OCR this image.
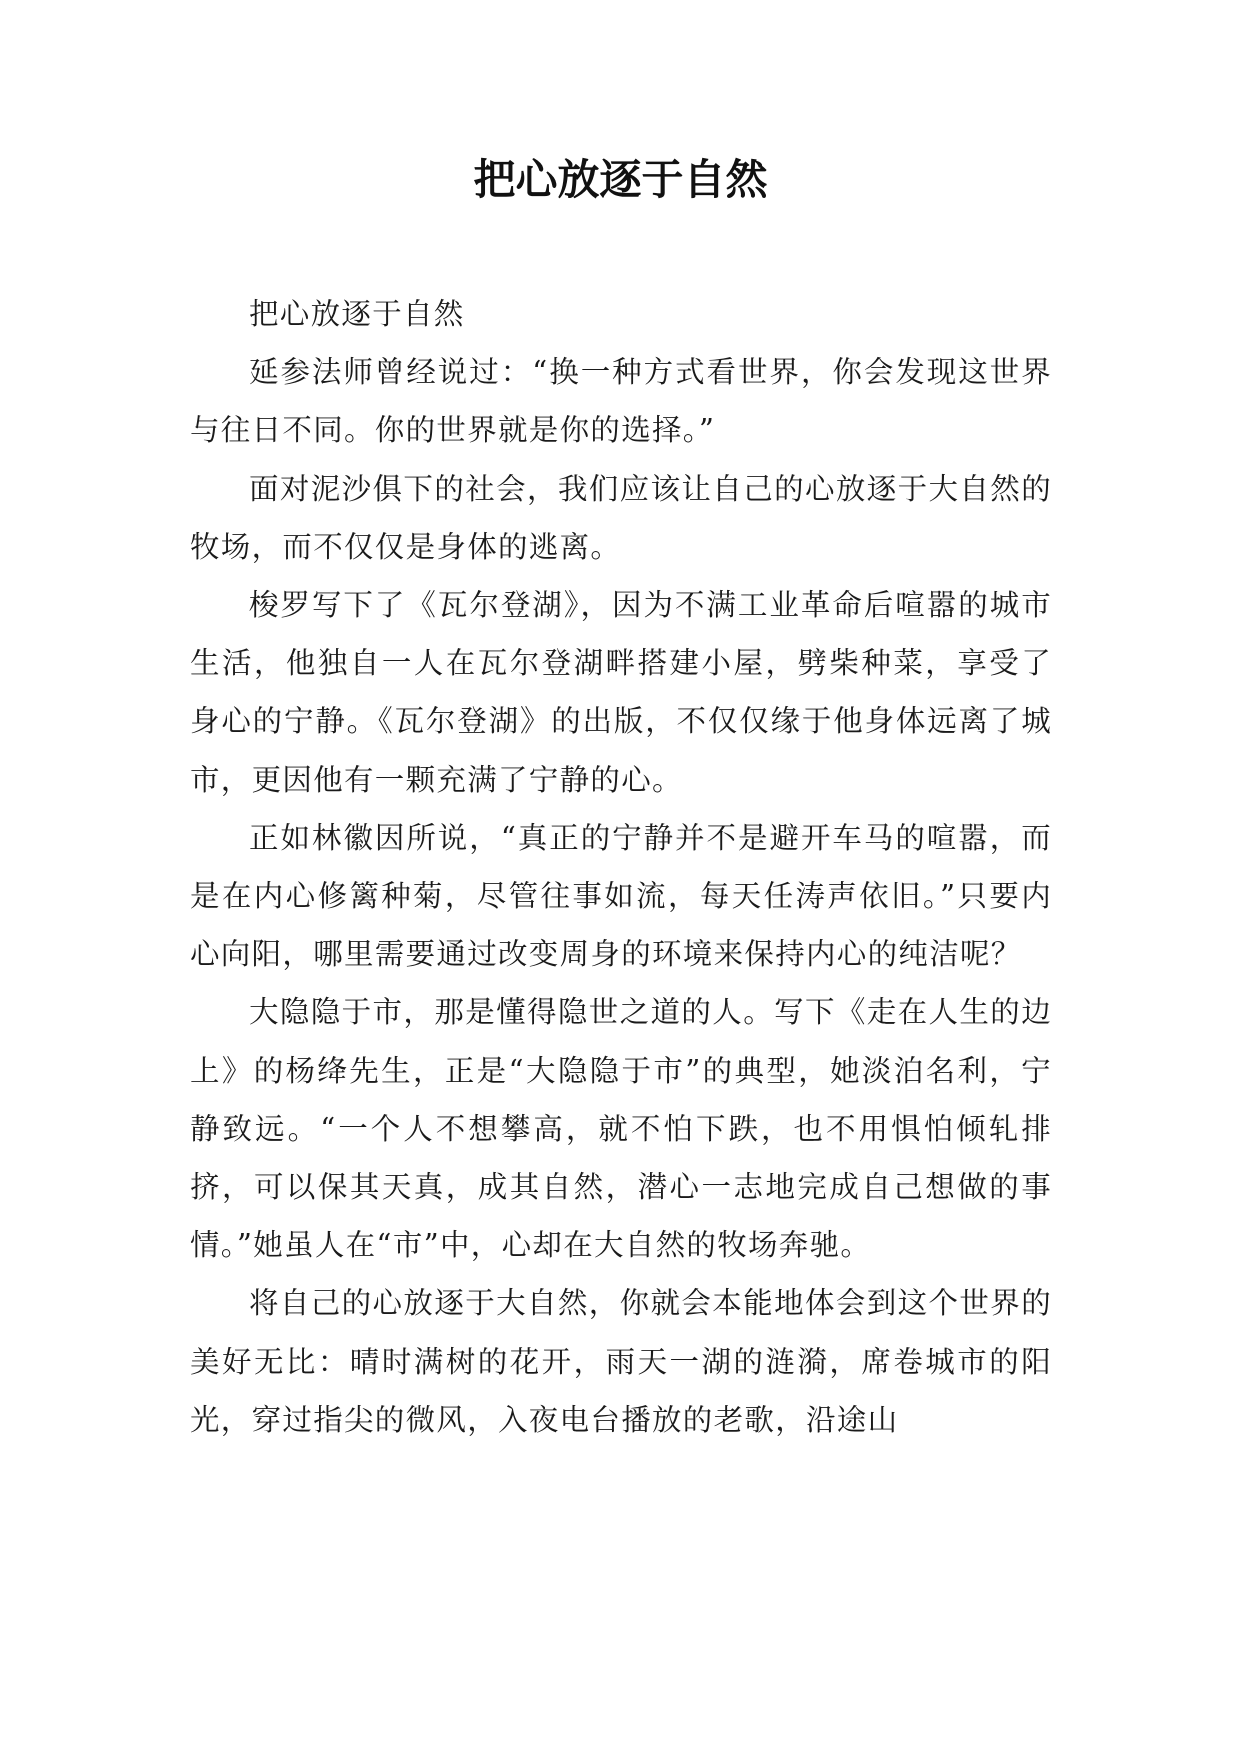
把心放逐于自然

把心放逐于自然

延参法师曾经说过：“换一种方式看世界，你会发现这世界与往日不同。你的世界就是你的选择。”

面对泥沙俱下的社会，我们应该让自己的心放逐于大自然的牧场，而不仅仅是身体的逃离。

梭罗写下了《瓦尔登湖》，因为不满工业革命后喧嚣的城市生活，他独自一人在瓦尔登湖畔搭建小屋，劈柴种菜，享受了身心的宁静。《瓦尔登湖》的出版，不仅仅缘于他身体远离了城市，更因他有一颗充满了宁静的心。

正如林徽因所说，“真正的宁静并不是避开车马的喧嚣，而是在内心修篱种菊，尽管往事如流，每天任涛声依旧。”只要内心向阳，哪里需要通过改变周身的环境来保持内心的纯洁呢？

大隐隐于市，那是懂得隐世之道的人。写下《走在人生的边上》的杨绛先生，正是“大隐隐于市”的典型，她淡泊名利，宁静致远。“一个人不想攀高，就不怕下跌，也不用惧怕倾轧排挤，可以保其天真，成其自然，潜心一志地完成自己想做的事情。”她虽人在“市”中，心却在大自然的牧场奔驰。

将自己的心放逐于大自然，你就会本能地体会到这个世界的美好无比：晴时满树的花开，雨天一湖的涟漪，席卷城市的阳光，穿过指尖的微风，入夜电台播放的老歌，沿途山
